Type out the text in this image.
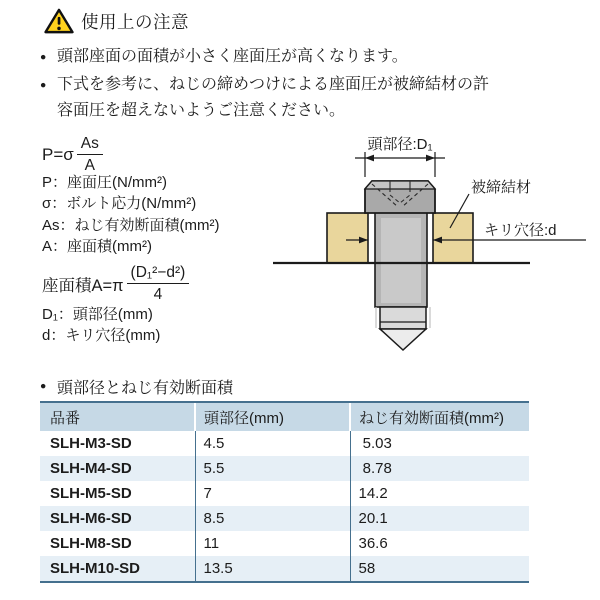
使用上の注意
● 頭部座面の面積が小さく座面圧が高くなります。
● 下式を参考に、ねじの締めつけによる座面圧が被締結材の許容面圧を超えないようご注意ください。
$P=\sigma \frac{As}{A}$
P：座面圧(N/mm²)
σ：ボルト応力(N/mm²)
As：ねじ有効断面積(mm²)
A：座面積(mm²)
座面積$A=\pi \frac{\text{(D₁²−d²)}}{4}$
D₁：頭部径(mm)
d：キリ穴径(mm)
頭部径:D₁
被締結材
キリ穴径:d
● 頭部径とねじ有効断面積
品番	頭部径(mm)	ねじ有効断面積(mm²)
SLH-M3-SD	4.5	5.03
SLH-M4-SD	5.5	8.78
SLH-M5-SD	7	14.2
SLH-M6-SD	8.5	20.1
SLH-M8-SD	11	36.6
SLH-M10-SD	13.5	58
